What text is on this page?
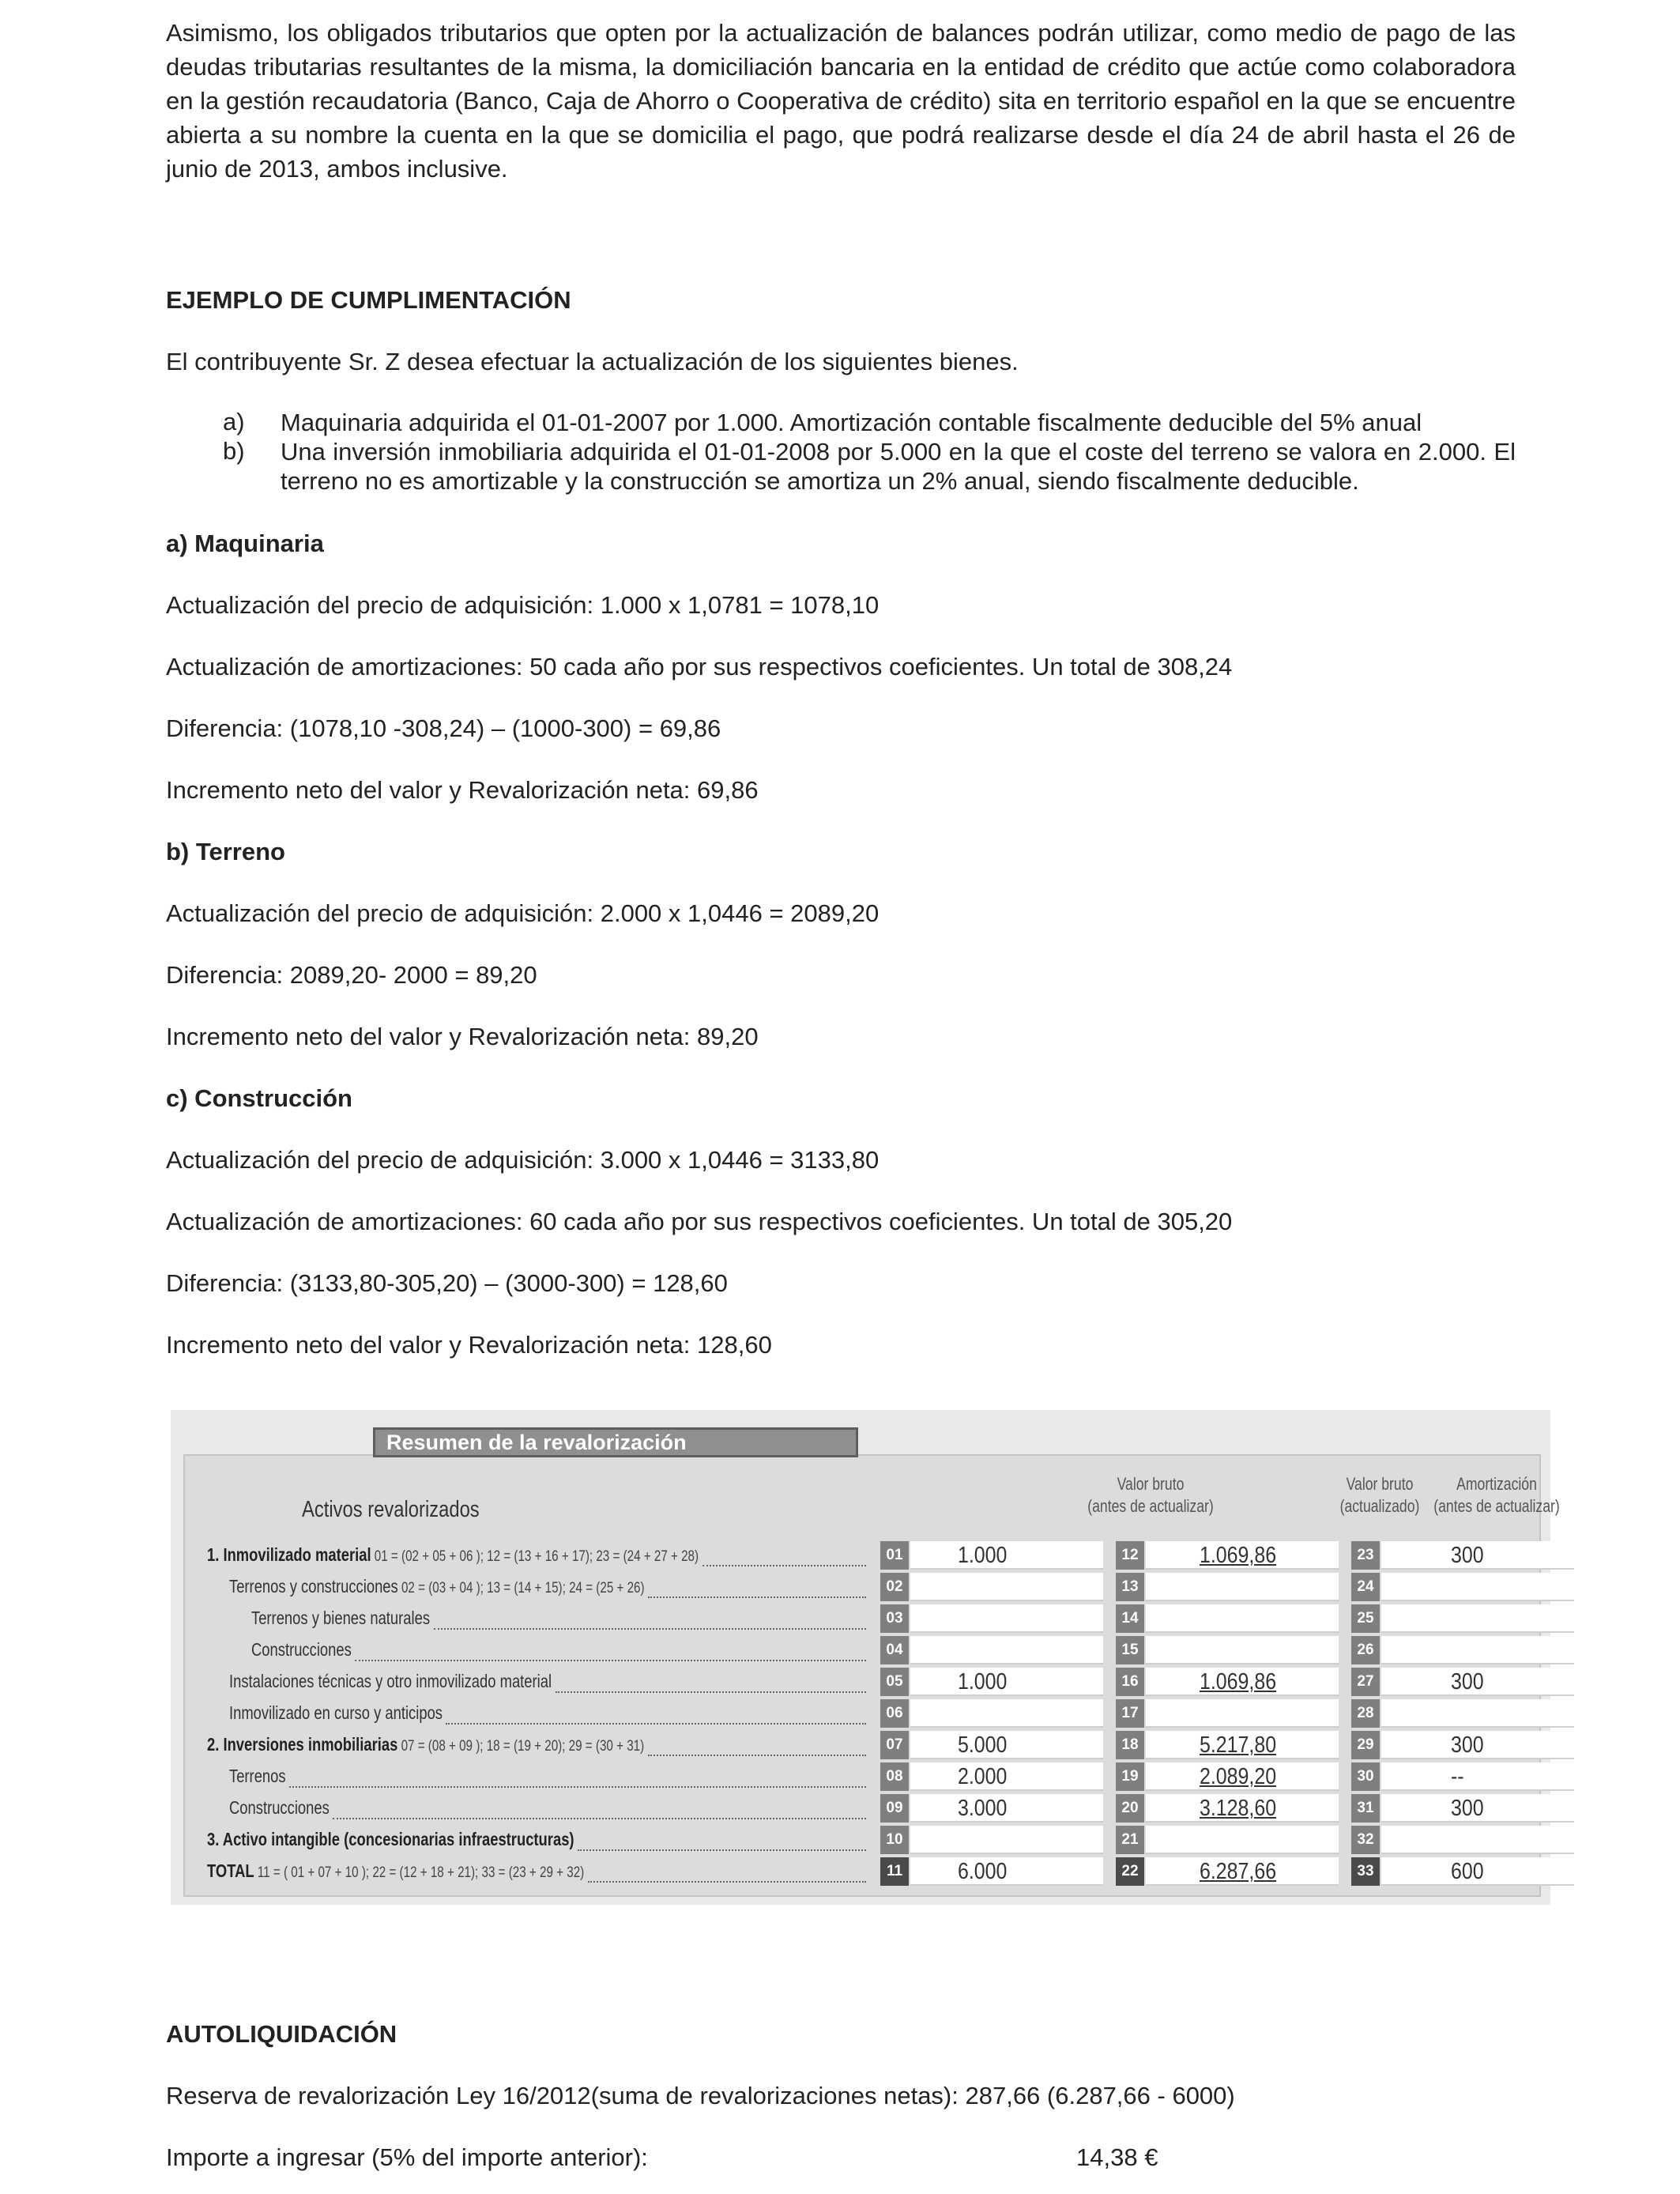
Asimismo, los obligados tributarios que opten por la actualización de balances podrán utilizar, como medio de pago de las deudas tributarias resultantes de la misma, la domiciliación bancaria en la entidad de crédito que actúe como colaboradora en la gestión recaudatoria (Banco, Caja de Ahorro o Cooperativa de crédito) sita en territorio español en la que se encuentre abierta a su nombre la cuenta en la que se domicilia el pago, que podrá realizarse desde el día 24 de abril hasta el 26 de junio de 2013, ambos inclusive.
EJEMPLO DE CUMPLIMENTACIÓN
El contribuyente Sr. Z desea efectuar la actualización de los siguientes bienes.
a) Maquinaria adquirida el 01-01-2007 por 1.000. Amortización contable fiscalmente deducible del 5% anual
b) Una inversión inmobiliaria adquirida el 01-01-2008 por 5.000 en la que el coste del terreno se valora en 2.000. El terreno no es amortizable y la construcción se amortiza un 2% anual, siendo fiscalmente deducible.
a) Maquinaria
Actualización del precio de adquisición: 1.000 x 1,0781 = 1078,10
Actualización de amortizaciones: 50 cada año por sus respectivos coeficientes. Un total de 308,24
Diferencia: (1078,10 -308,24) – (1000-300) = 69,86
Incremento neto del valor y Revalorización neta: 69,86
b) Terreno
Actualización del precio de adquisición: 2.000 x 1,0446 = 2089,20
Diferencia: 2089,20- 2000 = 89,20
Incremento neto del valor y Revalorización neta: 89,20
c) Construcción
Actualización del precio de adquisición: 3.000 x 1,0446 = 3133,80
Actualización de amortizaciones: 60 cada año por sus respectivos coeficientes. Un total de 305,20
Diferencia: (3133,80-305,20) – (3000-300) = 128,60
Incremento neto del valor y Revalorización neta: 128,60
Resumen de la revalorización
Activos revalorizados
Valor bruto
(antes de actualizar)
Valor bruto
(actualizado)
Amortización
(antes de actualizar)
1. Inmovilizado material 01 = (02 + 05 + 06 ); 12 = (13 + 16 + 17); 23 = (24 + 27 + 28)	01 1.000	12	1.069,86	23	300
Terrenos y construcciones 02 = (03 + 04 ); 13 = (14 + 15); 24 = (25 + 26)	02	13	24
Terrenos y bienes naturales	03	14	25
Construcciones	04	15	26
Instalaciones técnicas y otro inmovilizado material	05 1.000	16	1.069,86	27	300
Inmovilizado en curso y anticipos	06	17	28
2. Inversiones inmobiliarias 07 = (08 + 09 ); 18 = (19 + 20); 29 = (30 + 31)	07 5.000	18	5.217,80	29	300
Terrenos	08 2.000	19	2.089,20	30	--
Construcciones	09 3.000	20	3.128,60	31	300
3. Activo intangible (concesionarias infraestructuras)	10	21	32
TOTAL 11 = ( 01 + 07 + 10 ); 22 = (12 + 18 + 21); 33 = (23 + 29 + 32)	11 6.000	22	6.287,66	33	600
AUTOLIQUIDACIÓN
Reserva de revalorización Ley 16/2012(suma de revalorizaciones netas): 287,66 (6.287,66 - 6000)
Importe a ingresar (5% del importe anterior):	14,38 €
